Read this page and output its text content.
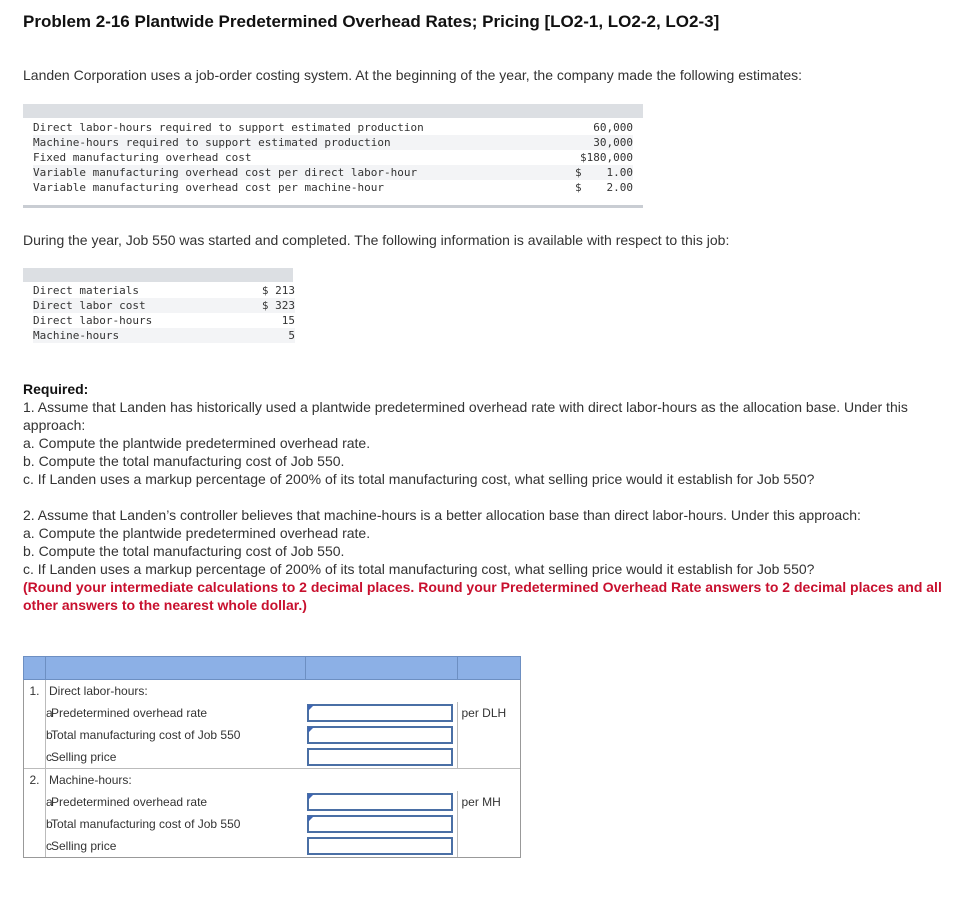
Problem 2-16 Plantwide Predetermined Overhead Rates; Pricing [LO2-1, LO2-2, LO2-3]
Landen Corporation uses a job-order costing system. At the beginning of the year, the company made the following estimates:
Direct labor-hours required to support estimated production	60,000
Machine-hours required to support estimated production	30,000
Fixed manufacturing overhead cost	$180,000
Variable manufacturing overhead cost per direct labor-hour	$ 1.00
Variable manufacturing overhead cost per machine-hour	$ 2.00
During the year, Job 550 was started and completed. The following information is available with respect to this job:
Direct materials	$ 213
Direct labor cost	$ 323
Direct labor-hours	15
Machine-hours	5

Required:

1. Assume that Landen has historically used a plantwide predetermined overhead rate with direct labor-hours as the allocation base. Under this approach:

a. Compute the plantwide predetermined overhead rate.

b. Compute the total manufacturing cost of Job 550.

c. If Landen uses a markup percentage of 200% of its total manufacturing cost, what selling price would it establish for Job 550?

2. Assume that Landen’s controller believes that machine-hours is a better allocation base than direct labor-hours. Under this approach:

a. Compute the plantwide predetermined overhead rate.

b. Compute the total manufacturing cost of Job 550.

c. If Landen uses a markup percentage of 200% of its total manufacturing cost, what selling price would it establish for Job 550?

(Round your intermediate calculations to 2 decimal places. Round your Predetermined Overhead Rate answers to 2 decimal places and all other answers to the nearest whole dollar.)

1.	Direct labor-hours:		
	aPredetermined overhead rate		per DLH
	bTotal manufacturing cost of Job 550	

	cSelling price	

2.	Machine-hours:		
	aPredetermined overhead rate		per MH
	bTotal manufacturing cost of Job 550	

	cSelling price	
